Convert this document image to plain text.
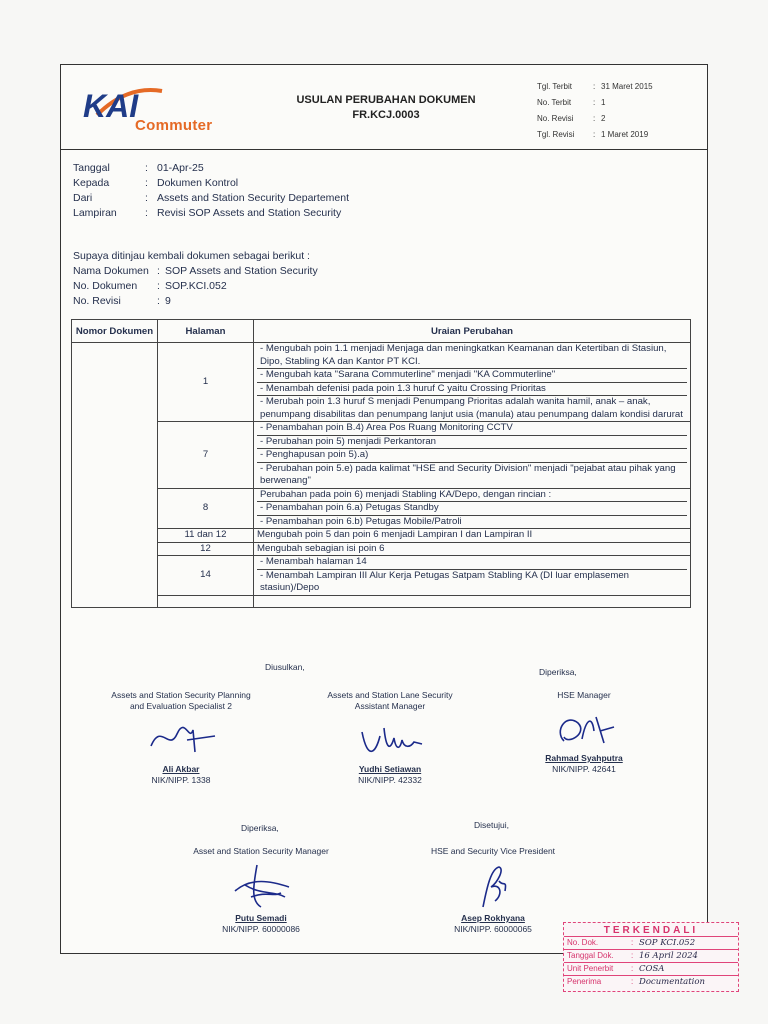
KAI
Commuter
USULAN PERUBAHAN DOKUMEN
FR.KCJ.0003
Tgl. Terbit	: 31 Maret 2015
No. Terbit	: 1
No. Revisi	: 2
Tgl. Revisi	: 1 Maret 2019
Tanggal	: 01-Apr-25
Kepada	: Dokumen Kontrol
Dari	: Assets and Station Security Departement
Lampiran	: Revisi SOP Assets and Station Security
Supaya ditinjau kembali dokumen sebagai berikut :
Nama Dokumen : SOP Assets and Station Security
No. Dokumen	: SOP.KCI.052
No. Revisi	: 9
Nomor Dokumen	Halaman	Uraian Perubahan
	1	- Mengubah poin 1.1 menjadi Menjaga dan meningkatkan Keamanan dan Ketertiban di Stasiun, Dipo, Stabling KA dan Kantor PT KCI.
- Mengubah kata "Sarana Commuterline" menjadi "KA Commuterline"
- Menambah defenisi pada poin 1.3 huruf C yaitu Crossing Prioritas
- Merubah poin 1.3 huruf S menjadi Penumpang Prioritas adalah wanita hamil, anak – anak, penumpang disabilitas dan penumpang lanjut usia (manula) atau penumpang dalam kondisi darurat

	7	- Penambahan poin B.4) Area Pos Ruang Monitoring CCTV
- Perubahan poin 5) menjadi Perkantoran
- Penghapusan poin 5).a)
- Perubahan poin 5.e) pada kalimat "HSE and Security Division" menjadi "pejabat atau pihak yang berwenang"

	8	Perubahan pada poin 6) menjadi Stabling KA/Depo, dengan rincian :
- Penambahan poin 6.a) Petugas Standby
- Penambahan poin 6.b) Petugas Mobile/Patroli

	11 dan 12	Mengubah poin 5 dan poin 6 menjadi Lampiran I dan Lampiran II
	12	Mengubah sebagian isi poin 6
	14	- Menambah halaman 14
- Menambah Lampiran III Alur Kerja Petugas Satpam Stabling KA (DI luar emplasemen stasiun)/Depo

Diusulkan,	Diperiksa,
Diperiksa,	Disetujui,
Assets and Station Security Planning
and Evaluation Specialist 2
Ali Akbar
NIK/NIPP. 1338
Assets and Station Lane Security
Assistant Manager
Yudhi Setiawan
NIK/NIPP. 42332
HSE Manager
Rahmad Syahputra
NIK/NIPP. 42641
Asset and Station Security Manager
Putu Semadi
NIK/NIPP. 60000086
HSE and Security Vice President
Asep Rokhyana
NIK/NIPP. 60000065	TERKENDALI
No. Dok.	: SOP KCI.052
Tanggal Dok.	: 16 April 2024
Unit Penerbit	: COSA
Penerima	: Documentation
